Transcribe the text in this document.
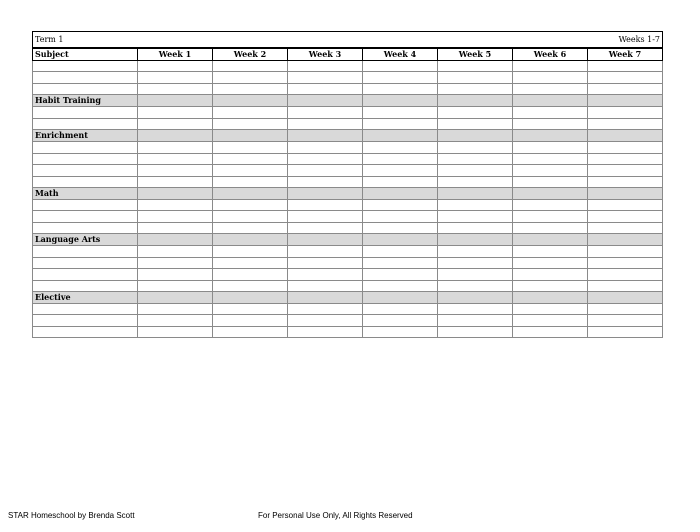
Term 1							Weeks 1-7
Subject	Week 1	Week 2	Week 3	Week 4	Week 5	Week 6	Week 7

Habit Training							

Enrichment							

Math							

Language Arts							

Elective							

STAR Homeschool by Brenda Scott	For Personal Use Only, All Rights Reserved
